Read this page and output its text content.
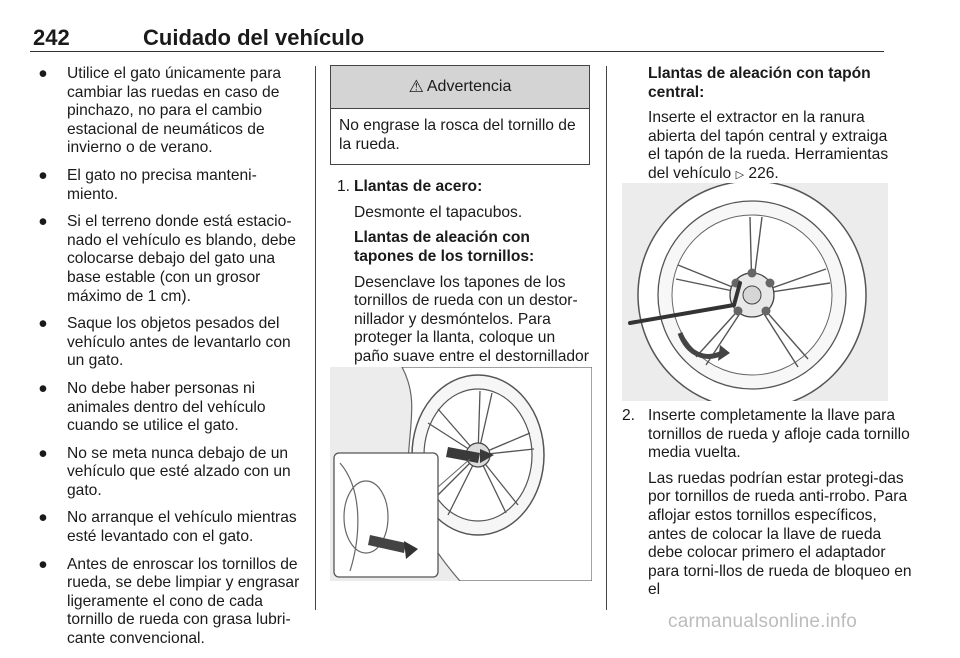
242	Cuidado del vehículo
● Utilice el gato únicamente para cambiar las ruedas en caso de pinchazo, no para el cambio estacional de neumáticos de invierno o de verano.
● El gato no precisa manteni-miento.
● Si el terreno donde está estacio-nado el vehículo es blando, debe colocarse debajo del gato una base estable (con un grosor máximo de 1 cm).
● Saque los objetos pesados del vehículo antes de levantarlo con un gato.
● No debe haber personas ni animales dentro del vehículo cuando se utilice el gato.
● No se meta nunca debajo de un vehículo que esté alzado con un gato.
● No arranque el vehículo mientras esté levantado con el gato.
● Antes de enroscar los tornillos de rueda, se debe limpiar y engrasar ligeramente el cono de cada tornillo de rueda con grasa lubri-cante convencional.
⚠ Advertencia
No engrase la rosca del tornillo de la rueda.
1. Llantas de acero:

Desmonte el tapacubos.

Llantas de aleación con tapones de los tornillos:

Desenclave los tapones de los tornillos de rueda con un destor-nillador y desmóntelos. Para proteger la llanta, coloque un paño suave entre el destornillador

Llantas de aleación con tapón central:

Inserte el extractor en la ranura abierta del tapón central y extraiga el tapón de la rueda. Herramientas del vehículo ▷ 226.

2. Inserte completamente la llave para tornillos de rueda y afloje cada tornillo media vuelta.

Las ruedas podrían estar protegi-das por tornillos de rueda anti-rrobo. Para aflojar estos tornillos específicos, antes de colocar la llave de rueda debe colocar primero el adaptador para torni-llos de rueda de bloqueo en el

carmanualsonline.info
